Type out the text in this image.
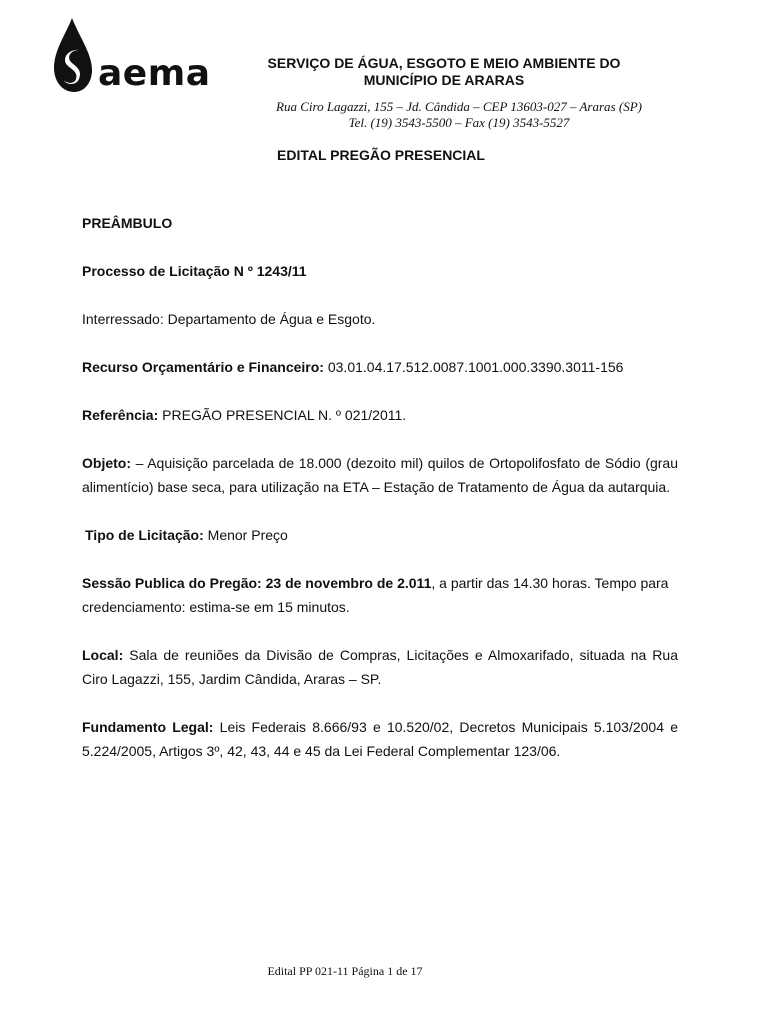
aema	SERVIÇO DE ÁGUA, ESGOTO E MEIO AMBIENTE DO
MUNICÍPIO DE ARARAS
Rua Ciro Lagazzi, 155 – Jd. Cândida – CEP 13603-027 – Araras (SP)
Tel. (19) 3543-5500 – Fax (19) 3543-5527
EDITAL PREGÃO PRESENCIAL

PREÂMBULO

Processo de Licitação N º 1243/11

Interressado: Departamento de Água e Esgoto.

Recurso Orçamentário e Financeiro: 03.01.04.17.512.0087.1001.000.3390.3011-156

Referência: PREGÃO PRESENCIAL N. º 021/2011.

Objeto: – Aquisição parcelada de 18.000 (dezoito mil) quilos de Ortopolifosfato de Sódio (grau alimentício) base seca, para utilização na ETA – Estação de Tratamento de Água da autarquia.

Tipo de Licitação: Menor Preço

Sessão Publica do Pregão: 23 de novembro de 2.011, a partir das 14.30 horas. Tempo para credenciamento: estima-se em 15 minutos.

Local: Sala de reuniões da Divisão de Compras, Licitações e Almoxarifado, situada na Rua Ciro Lagazzi, 155, Jardim Cândida, Araras – SP.

Fundamento Legal: Leis Federais 8.666/93 e 10.520/02, Decretos Municipais 5.103/2004 e 5.224/2005, Artigos 3º, 42, 43, 44 e 45 da Lei Federal Complementar 123/06.

Edital PP 021-11 Página 1 de 17
